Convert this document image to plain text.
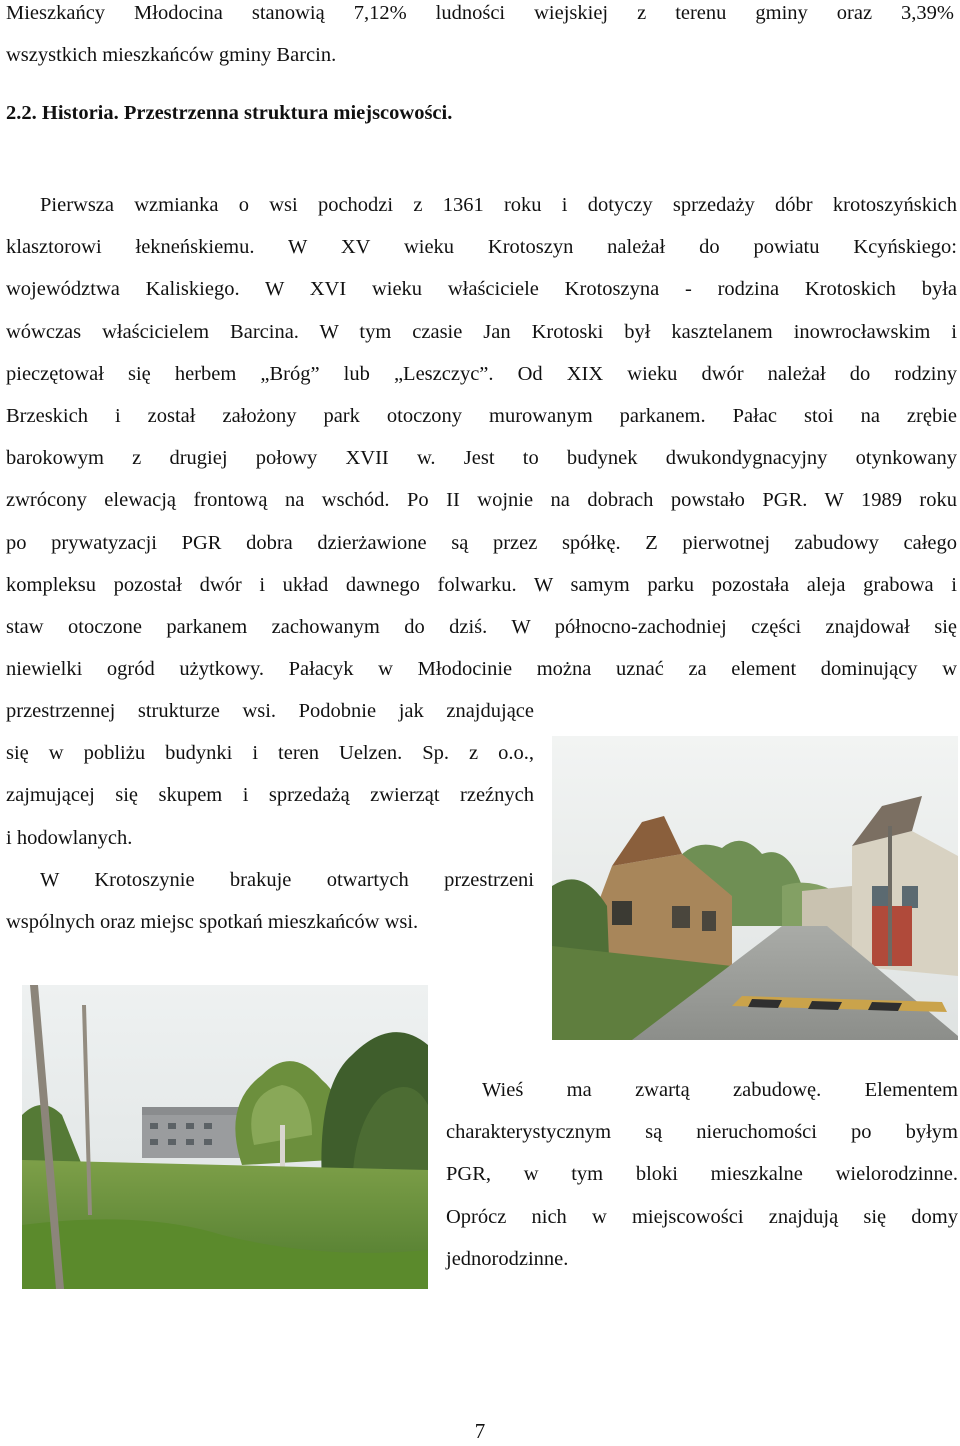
Mieszkańcy Młodocina stanowią 7,12% ludności wiejskiej z terenu gminy oraz 3,39%
wszystkich mieszkańców gminy Barcin.
2.2. Historia. Przestrzenna struktura miejscowości.
Pierwsza wzmianka o wsi pochodzi z 1361 roku i dotyczy sprzedaży dóbr krotoszyńskich
klasztorowi łekneńskiemu. W XV wieku Krotoszyn należał do powiatu Kcyńskiego:
województwa Kaliskiego. W XVI wieku właściciele Krotoszyna - rodzina Krotoskich była
wówczas właścicielem Barcina. W tym czasie Jan Krotoski był kasztelanem inowrocławskim i
pieczętował się herbem „Bróg” lub „Leszczyc”. Od XIX wieku dwór należał do rodziny
Brzeskich i został założony park otoczony murowanym parkanem. Pałac stoi na zrębie
barokowym z drugiej połowy XVII w. Jest to budynek dwukondygnacyjny otynkowany
zwrócony elewacją frontową na wschód. Po II wojnie na dobrach powstało PGR. W 1989 roku
po prywatyzacji PGR dobra dzierżawione są przez spółkę. Z pierwotnej zabudowy całego
kompleksu pozostał dwór i układ dawnego folwarku. W samym parku pozostała aleja grabowa i
staw otoczone parkanem zachowanym do dziś. W północno-zachodniej części znajdował się
niewielki ogród użytkowy. Pałacyk w Młodocinie można uznać za element dominujący w
przestrzennej strukturze wsi. Podobnie jak znajdujące
się w pobliżu budynki i teren Uelzen. Sp. z o.o.,
zajmującej się skupem i sprzedażą zwierząt rzeźnych
i hodowlanych.
W Krotoszynie brakuje otwartych przestrzeni
wspólnych oraz miejsc spotkań mieszkańców wsi.
Wieś ma zwartą zabudowę. Elementem
charakterystycznym są nieruchomości po byłym
PGR, w tym bloki mieszkalne wielorodzinne.
Oprócz nich w miejscowości znajdują się domy
jednorodzinne.
7
